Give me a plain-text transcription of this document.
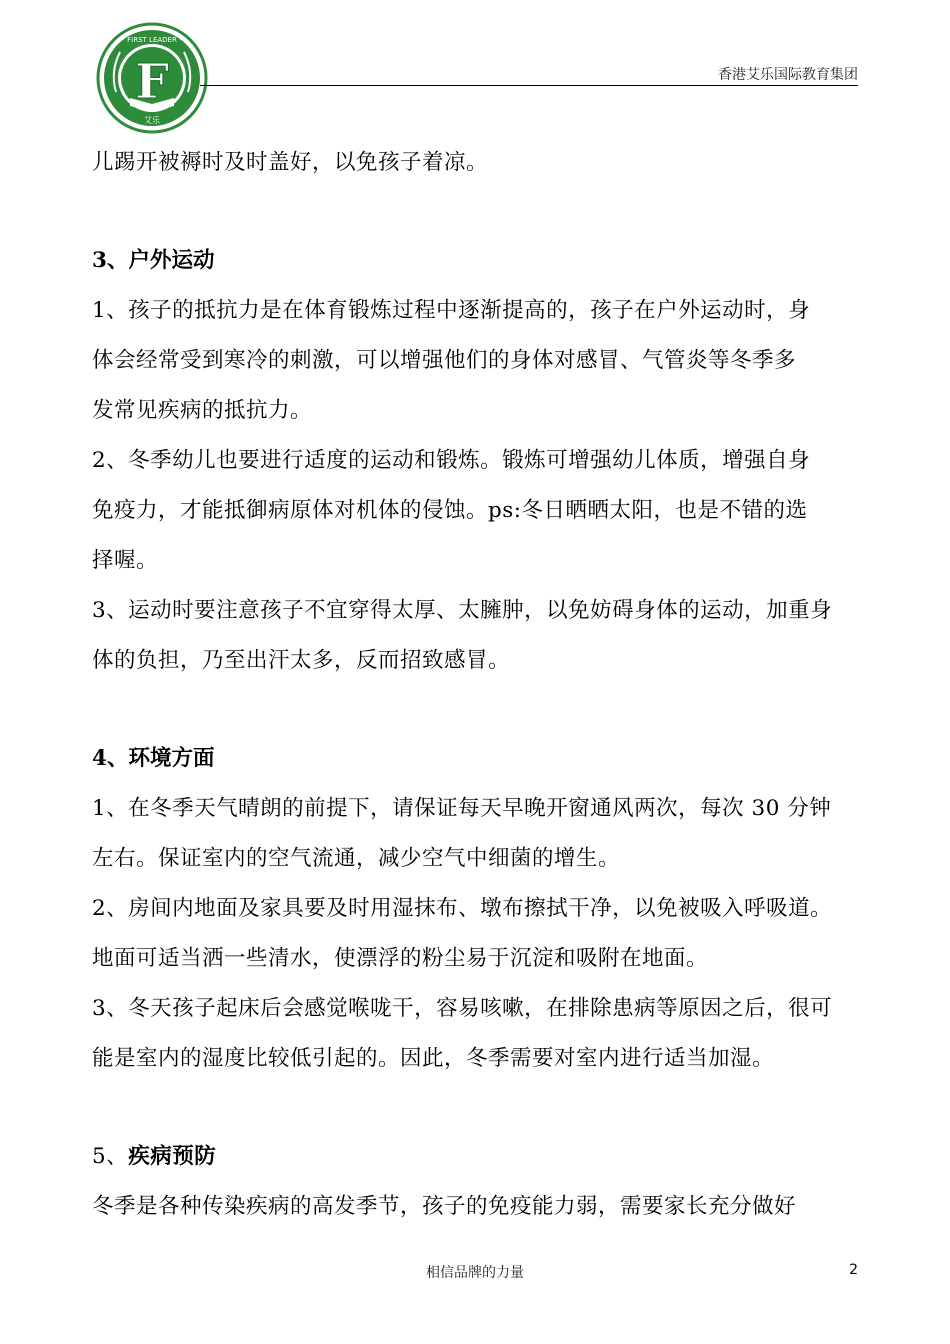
F
FIRST LEADER
艾乐
香港艾乐国际教育集团
儿踢开被褥时及时盖好，以免孩子着凉。
3、户外运动
1、孩子的抵抗力是在体育锻炼过程中逐渐提高的，孩子在户外运动时，身
体会经常受到寒冷的刺激，可以增强他们的身体对感冒、气管炎等冬季多
发常见疾病的抵抗力。
2、冬季幼儿也要进行适度的运动和锻炼。锻炼可增强幼儿体质，增强自身
免疫力，才能抵御病原体对机体的侵蚀。ps:冬日晒晒太阳，也是不错的选
择喔。
3、运动时要注意孩子不宜穿得太厚、太臃肿，以免妨碍身体的运动，加重身
体的负担，乃至出汗太多，反而招致感冒。
4、环境方面
1、在冬季天气晴朗的前提下，请保证每天早晚开窗通风两次，每次 30 分钟
左右。保证室内的空气流通，减少空气中细菌的增生。
2、房间内地面及家具要及时用湿抹布、墩布擦拭干净，以免被吸入呼吸道。
地面可适当洒一些清水，使漂浮的粉尘易于沉淀和吸附在地面。
3、冬天孩子起床后会感觉喉咙干，容易咳嗽，在排除患病等原因之后，很可
能是室内的湿度比较低引起的。因此，冬季需要对室内进行适当加湿。
5、疾病预防
冬季是各种传染疾病的高发季节，孩子的免疫能力弱，需要家长充分做好
相信品牌的力量	2
